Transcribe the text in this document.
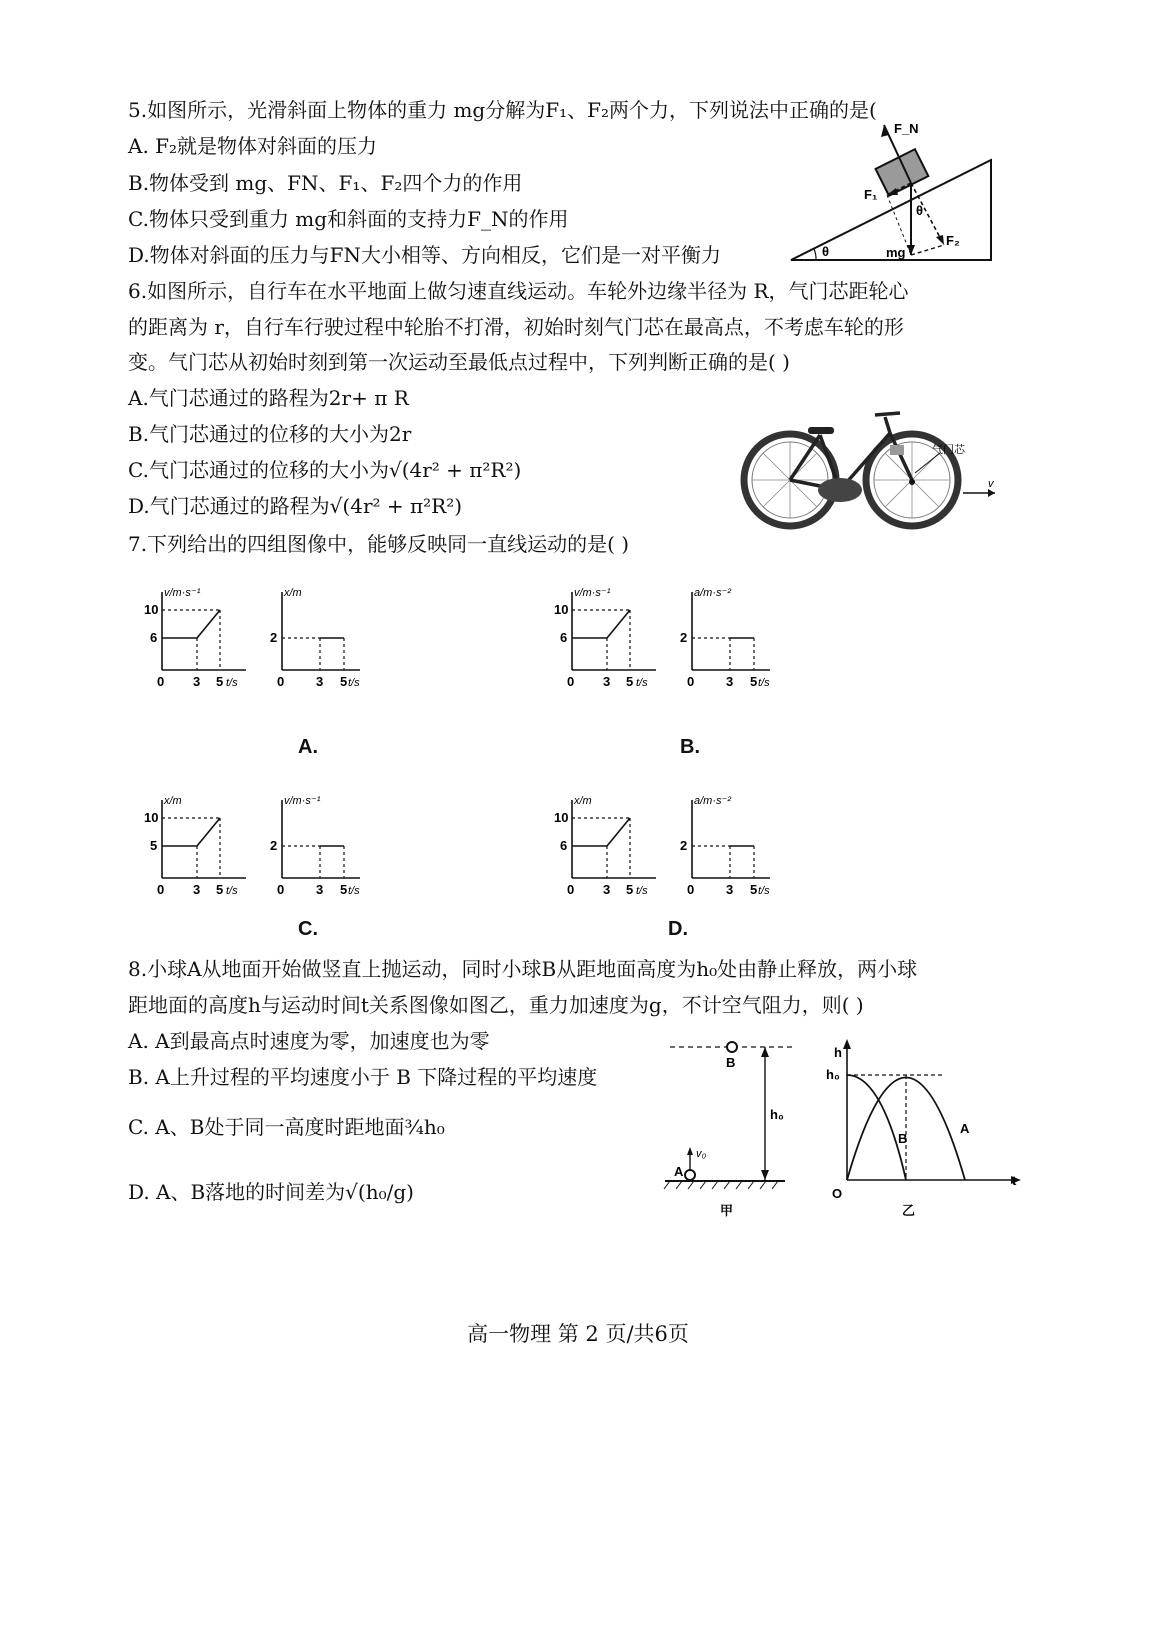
5.如图所示，光滑斜面上物体的重力 mg分解为F₁、F₂两个力，下列说法中正确的是(
A. F₂就是物体对斜面的压力
B.物体受到 mg、FN、F₁、F₂四个力的作用
C.物体只受到重力 mg和斜面的支持力F_N的作用
D.物体对斜面的压力与FN大小相等、方向相反，它们是一对平衡力
F_N
F₁
θ
θ	mg
F₂
6.如图所示，自行车在水平地面上做匀速直线运动。车轮外边缘半径为 R，气门芯距轮心
的距离为 r，自行车行驶过程中轮胎不打滑，初始时刻气门芯在最高点，不考虑车轮的形
变。气门芯从初始时刻到第一次运动至最低点过程中，下列判断正确的是( )
A.气门芯通过的路程为2r+ π R
B.气门芯通过的位移的大小为2r
C.气门芯通过的位移的大小为√(4r² + π²R²)
D.气门芯通过的路程为√(4r² + π²R²)
气门芯
v
7.下列给出的四组图像中，能够反映同一直线运动的是( )
v/m·s⁻¹
10
6
0 3 5 t/s
x/m
2
3 5
0	t/s
A.
v/m·s⁻¹
10
6
0 3 5 t/s
a/m·s⁻²
2
3 5
0	t/s
B.
x/m
10
5
0 3 5 t/s
v/m·s⁻¹
2
3 5
0	t/s
C.
x/m
10
6
0 3 5 t/s
a/m·s⁻²
2
3 5
0	t/s
D.
8.小球A从地面开始做竖直上抛运动，同时小球B从距地面高度为h₀处由静止释放，两小球
距地面的高度h与运动时间t关系图像如图乙，重力加速度为g，不计空气阻力，则( )
A. A到最高点时速度为零，加速度也为零
B. A上升过程的平均速度小于 B 下降过程的平均速度
C. A、B处于同一高度时距地面¾h₀
D. A、B落地的时间差为√(h₀/g)
B
h₀
v₀
A
甲
h
h₀
B
A
O
t
乙
高一物理 第 2 页/共6页
